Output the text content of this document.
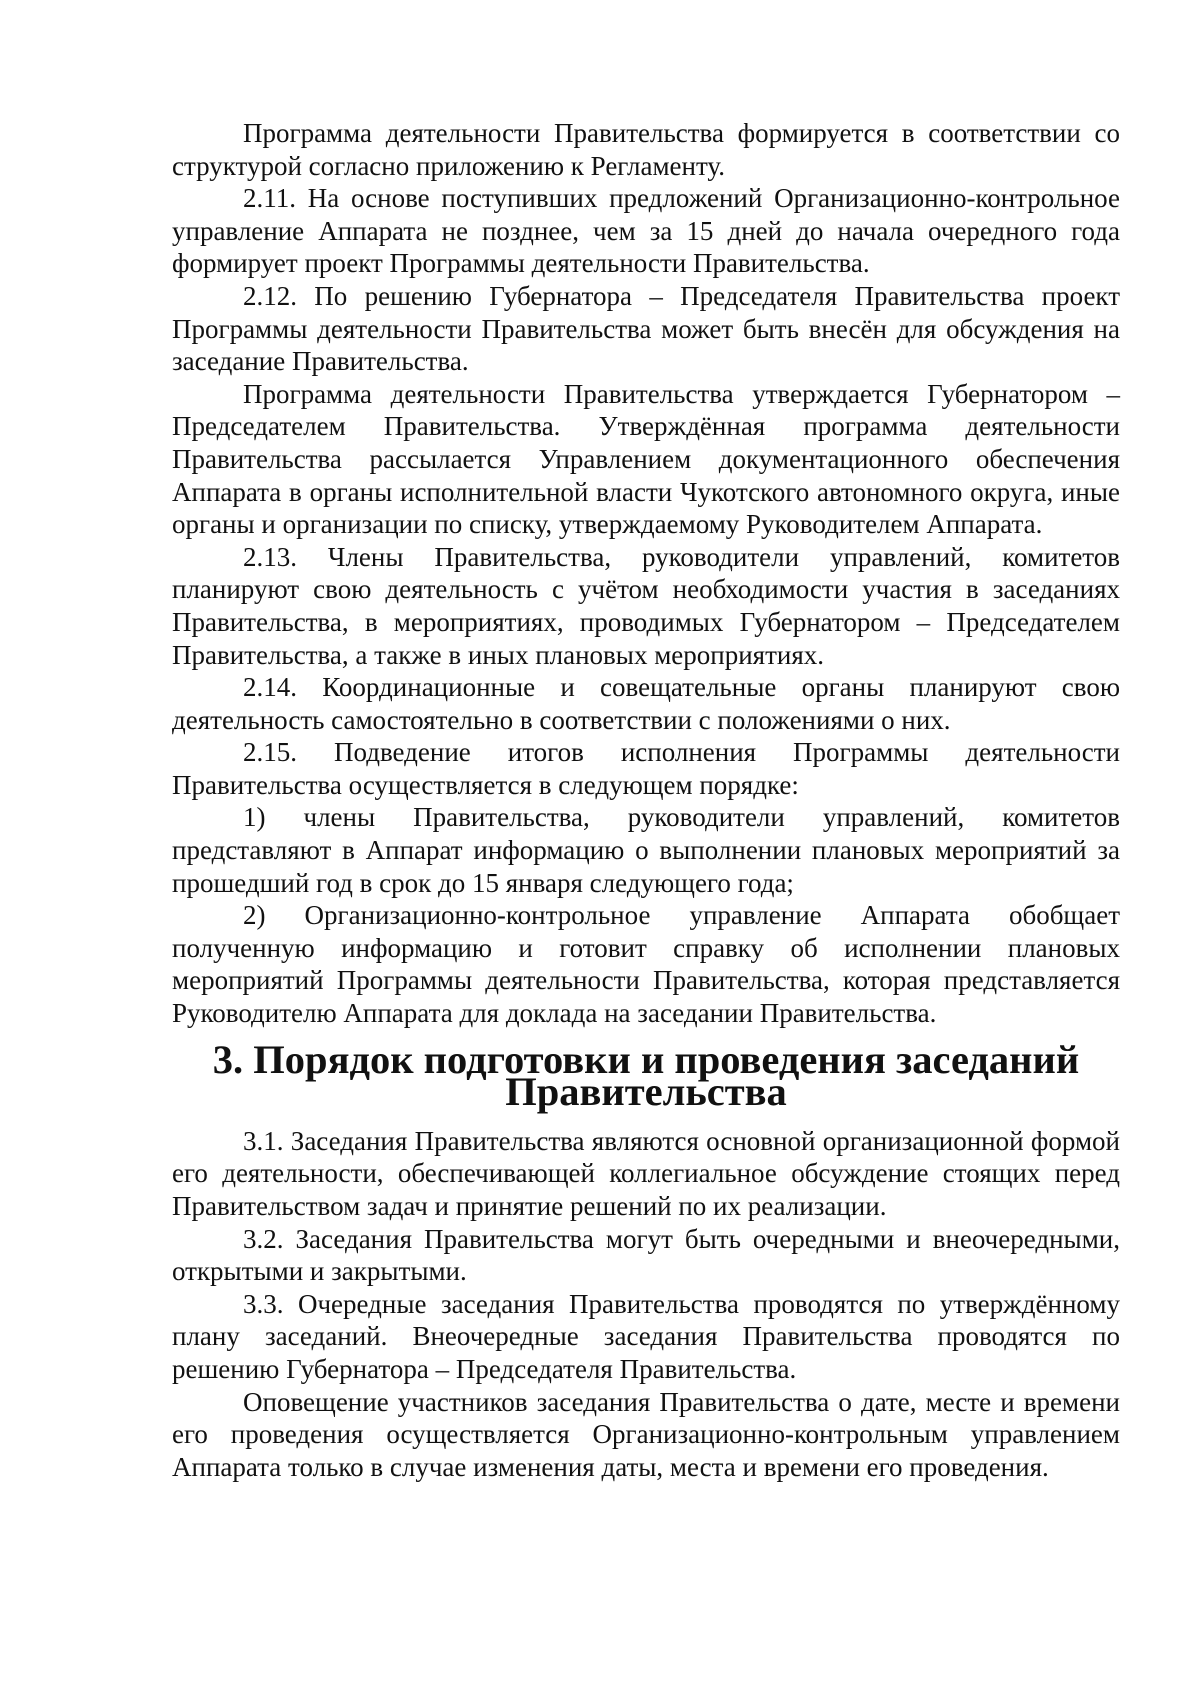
Программа деятельности Правительства формируется в соответствии со структурой согласно приложению к Регламенту.

2.11. На основе поступивших предложений Организационно-контрольное управление Аппарата не позднее, чем за 15 дней до начала очередного года формирует проект Программы деятельности Правительства.

2.12. По решению Губернатора – Председателя Правительства проект Программы деятельности Правительства может быть внесён для обсуждения на заседание Правительства.

Программа деятельности Правительства утверждается Губернатором – Председателем Правительства. Утверждённая программа деятельности Правительства рассылается Управлением документационного обеспечения Аппарата в органы исполнительной власти Чукотского автономного округа, иные органы и организации по списку, утверждаемому Руководителем Аппарата.

2.13. Члены Правительства, руководители управлений, комитетов планируют свою деятельность с учётом необходимости участия в заседаниях Правительства, в мероприятиях, проводимых Губернатором – Председателем Правительства, а также в иных плановых мероприятиях.

2.14. Координационные и совещательные органы планируют свою деятельность самостоятельно в соответствии с положениями о них.

2.15. Подведение итогов исполнения Программы деятельности Правительства осуществляется в следующем порядке:

1) члены Правительства, руководители управлений, комитетов представляют в Аппарат информацию о выполнении плановых мероприятий за прошедший год в срок до 15 января следующего года;

2) Организационно-контрольное управление Аппарата обобщает полученную информацию и готовит справку об исполнении плановых мероприятий Программы деятельности Правительства, которая представляется Руководителю Аппарата для доклада на заседании Правительства.

3. Порядок подготовки и проведения заседаний Правительства

3.1. Заседания Правительства являются основной организационной формой его деятельности, обеспечивающей коллегиальное обсуждение стоящих перед Правительством задач и принятие решений по их реализации.

3.2. Заседания Правительства могут быть очередными и внеочередными, открытыми и закрытыми.

3.3. Очередные заседания Правительства проводятся по утверждённому плану заседаний. Внеочередные заседания Правительства проводятся по решению Губернатора – Председателя Правительства.

Оповещение участников заседания Правительства о дате, месте и времени его проведения осуществляется Организационно-контрольным управлением Аппарата только в случае изменения даты, места и времени его проведения.
